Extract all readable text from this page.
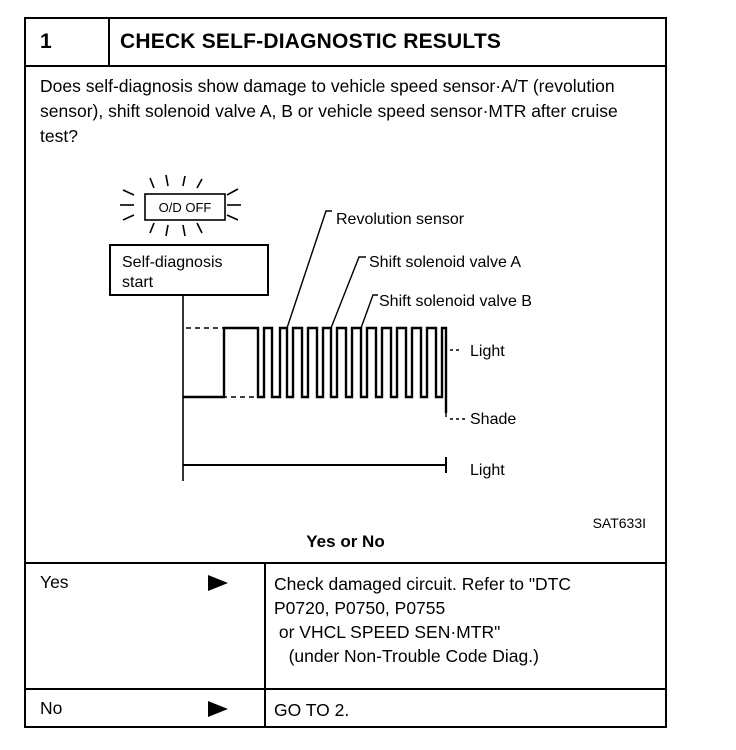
1	CHECK SELF-DIAGNOSTIC RESULTS
Does self-diagnosis show damage to vehicle speed sensor·A/T (revolution sensor), shift solenoid valve A, B or vehicle speed sensor·MTR after cruise test?
O/D OFF
Self-diagnosis
start
Revolution sensor
Shift solenoid valve A
Shift solenoid valve B
Light
Shade
Light
SAT633I
Yes or No
Yes	Check damaged circuit. Refer to "DTC
P0720, P0750, P0755
or VHCL SPEED SEN·MTR"
(under Non-Trouble Code Diag.)
No	GO TO 2.
